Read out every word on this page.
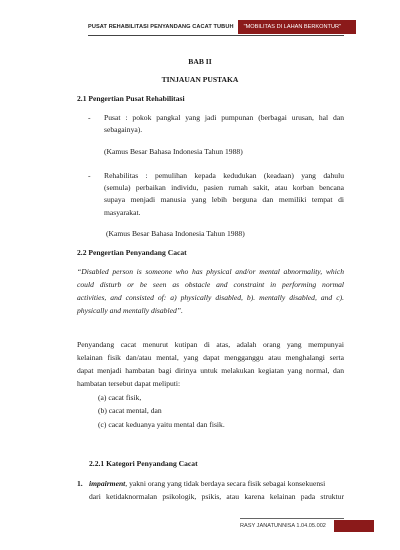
PUSAT REHABILITASI PENYANDANG CACAT TUBUH	"MOBILITAS DI LAHAN BERKONTUR"
BAB II
TINJAUAN PUSTAKA
2.1 Pengertian Pusat Rehabilitasi
- Pusat : pokok pangkal yang jadi pumpunan (berbagai urusan, hal dan
sebagainya).
(Kamus Besar Bahasa Indonesia Tahun 1988)
- Rehabilitas : pemulihan kepada kedudukan (keadaan) yang dahulu
(semula) perbaikan individu, pasien rumah sakit, atau korban bencana
supaya menjadi manusia yang lebih berguna dan memiliki tempat di
masyarakat.
(Kamus Besar Bahasa Indonesia Tahun 1988)
2.2 Pengertian Penyandang Cacat
“Disabled person is someone who has physical and/or mental abnormality, which
could disturb or be seen as obstacle and constraint in performing normal
activities, and consisted of: a) physically disabled, b). mentally disabled, and c).
physically and mentally disabled”.
Penyandang cacat menurut kutipan di atas, adalah orang yang mempunyai
kelainan fisik dan/atau mental, yang dapat mengganggu atau menghalangi serta
dapat menjadi hambatan bagi dirinya untuk melakukan kegiatan yang normal, dan
hambatan tersebut dapat meliputi:
(a) cacat fisik,
(b) cacat mental, dan
(c) cacat keduanya yaitu mental dan fisik.
2.2.1 Kategori Penyandang Cacat
1. impairment, yakni orang yang tidak berdaya secara fisik sebagai konsekuensi
dari ketidaknormalan psikologik, psikis, atau karena kelainan pada struktur
RASY JANATUNNISA 1.04.05.002
